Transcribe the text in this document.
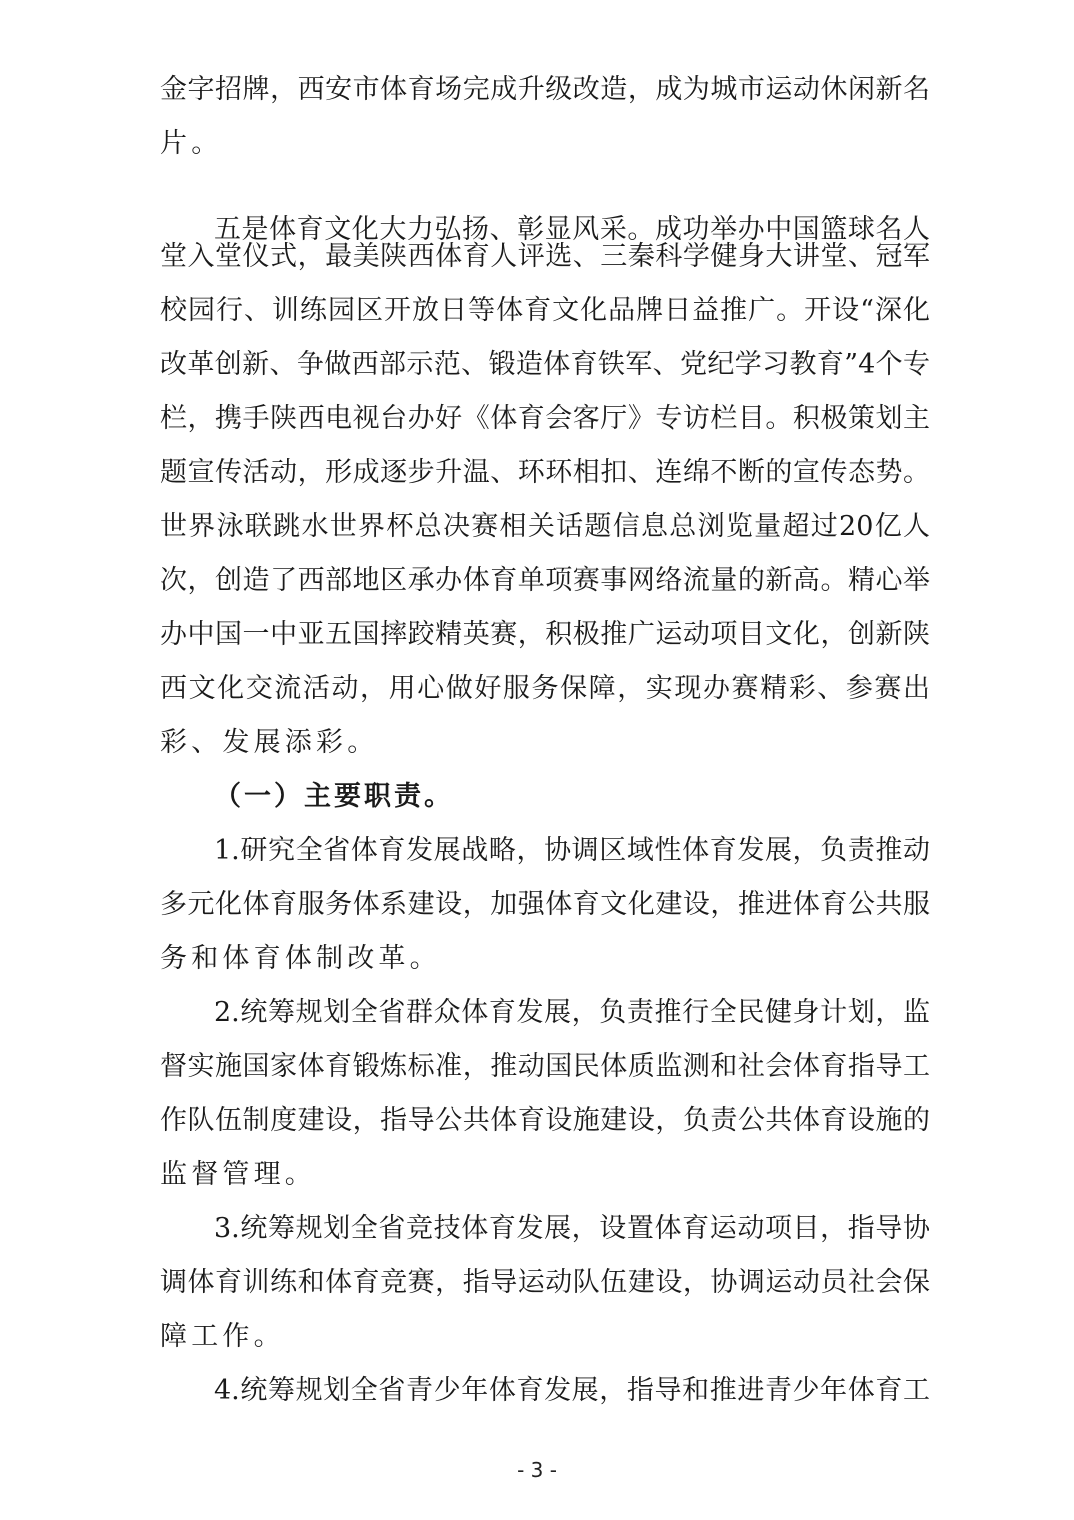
金字招牌，西安市体育场完成升级改造，成为城市运动休闲新名
片。
五是体育文化大力弘扬、彰显风采。成功举办中国篮球名人
堂入堂仪式，最美陕西体育人评选、三秦科学健身大讲堂、冠军
校园行、训练园区开放日等体育文化品牌日益推广。开设“深化
改革创新、争做西部示范、锻造体育铁军、党纪学习教育”4个专
栏，携手陕西电视台办好《体育会客厅》专访栏目。积极策划主
题宣传活动，形成逐步升温、环环相扣、连绵不断的宣传态势。
世界泳联跳水世界杯总决赛相关话题信息总浏览量超过20亿人
次，创造了西部地区承办体育单项赛事网络流量的新高。精心举
办中国一中亚五国摔跤精英赛，积极推广运动项目文化，创新陕
西文化交流活动，用心做好服务保障，实现办赛精彩、参赛出
彩、发展添彩。
（一）主要职责。
1.研究全省体育发展战略，协调区域性体育发展，负责推动
多元化体育服务体系建设，加强体育文化建设，推进体育公共服
务和体育体制改革。
2.统筹规划全省群众体育发展，负责推行全民健身计划，监
督实施国家体育锻炼标准，推动国民体质监测和社会体育指导工
作队伍制度建设，指导公共体育设施建设，负责公共体育设施的
监督管理。
3.统筹规划全省竞技体育发展，设置体育运动项目，指导协
调体育训练和体育竞赛，指导运动队伍建设，协调运动员社会保
障工作。
4.统筹规划全省青少年体育发展，指导和推进青少年体育工
- 3 -
